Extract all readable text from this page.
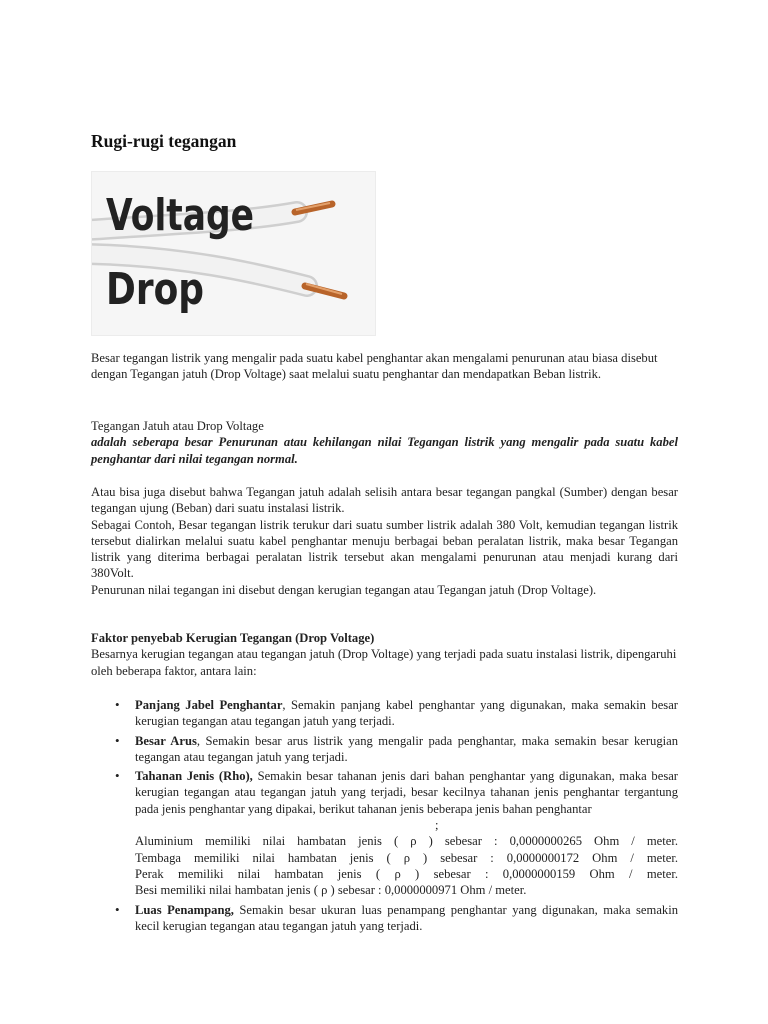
Rugi-rugi tegangan
Voltage
Drop

Besar tegangan listrik yang mengalir pada suatu kabel penghantar akan mengalami penurunan atau biasa disebut dengan Tegangan jatuh (Drop Voltage) saat melalui suatu penghantar dan mendapatkan Beban listrik.

Tegangan Jatuh atau Drop Voltage

adalah seberapa besar Penurunan atau kehilangan nilai Tegangan listrik yang mengalir pada suatu kabel penghantar dari nilai tegangan normal.

Atau bisa juga disebut bahwa Tegangan jatuh adalah selisih antara besar tegangan pangkal (Sumber) dengan besar tegangan ujung (Beban) dari suatu instalasi listrik.

Sebagai Contoh, Besar tegangan listrik terukur dari suatu sumber listrik adalah 380 Volt, kemudian tegangan listrik tersebut dialirkan melalui suatu kabel penghantar menuju berbagai beban peralatan listrik, maka besar Tegangan listrik yang diterima berbagai peralatan listrik tersebut akan mengalami penurunan atau menjadi kurang dari 380Volt.

Penurunan nilai tegangan ini disebut dengan kerugian tegangan atau Tegangan jatuh (Drop Voltage).

Faktor penyebab Kerugian Tegangan (Drop Voltage)

Besarnya kerugian tegangan atau tegangan jatuh (Drop Voltage) yang terjadi pada suatu instalasi listrik, dipengaruhi oleh beberapa faktor, antara lain:

• Panjang Jabel Penghantar, Semakin panjang kabel penghantar yang digunakan, maka semakin besar kerugian tegangan atau tegangan jatuh yang terjadi.
• Besar Arus, Semakin besar arus listrik yang mengalir pada penghantar, maka semakin besar kerugian tegangan atau tegangan jatuh yang terjadi.
• Tahanan Jenis (Rho), Semakin besar tahanan jenis dari bahan penghantar yang digunakan, maka besar kerugian tegangan atau tegangan jatuh yang terjadi, besar kecilnya tahanan jenis penghantar tergantung pada jenis penghantar yang dipakai, berikut tahanan jenis beberapa jenis bahan penghantar
;
Aluminium memiliki nilai hambatan jenis ( ρ ) sebesar : 0,0000000265 Ohm / meter.
Tembaga memiliki nilai hambatan jenis ( ρ ) sebesar : 0,0000000172 Ohm / meter.
Perak memiliki nilai hambatan jenis ( ρ ) sebesar : 0,0000000159 Ohm / meter.
Besi memiliki nilai hambatan jenis ( ρ ) sebesar : 0,0000000971 Ohm / meter.
• Luas Penampang, Semakin besar ukuran luas penampang penghantar yang digunakan, maka semakin kecil kerugian tegangan atau tegangan jatuh yang terjadi.
